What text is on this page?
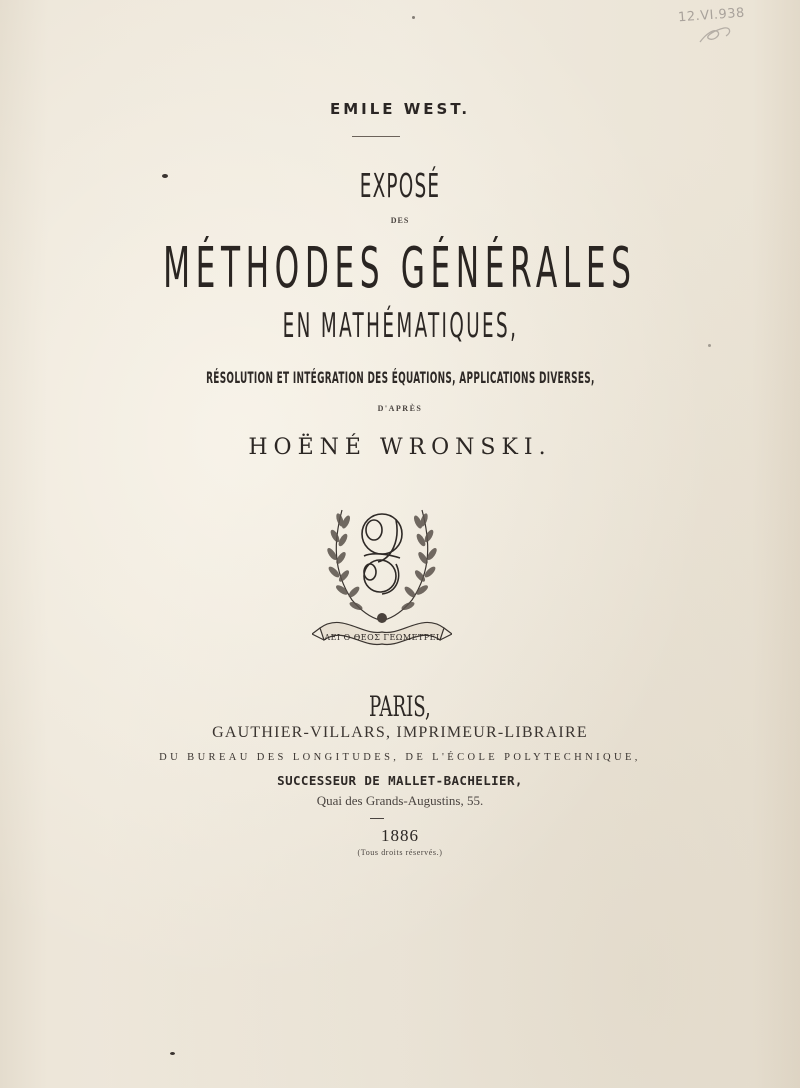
12.VI.938
EMILE WEST.
EXPOSÉ
DES
MÉTHODES GÉNÉRALES
EN MATHÉMATIQUES,
RÉSOLUTION ET INTÉGRATION DES ÉQUATIONS, APPLICATIONS DIVERSES,
D'APRÈS
HOËNÉ WRONSKI.
ΑΕΙ Ο ΘΕΟΣ ΓΕΩΜΕΤΡΕΙ
PARIS,
GAUTHIER-VILLARS, IMPRIMEUR-LIBRAIRE
DU BUREAU DES LONGITUDES, DE L'ÉCOLE POLYTECHNIQUE,
SUCCESSEUR DE MALLET-BACHELIER,
Quai des Grands-Augustins, 55.
1886
(Tous droits réservés.)
